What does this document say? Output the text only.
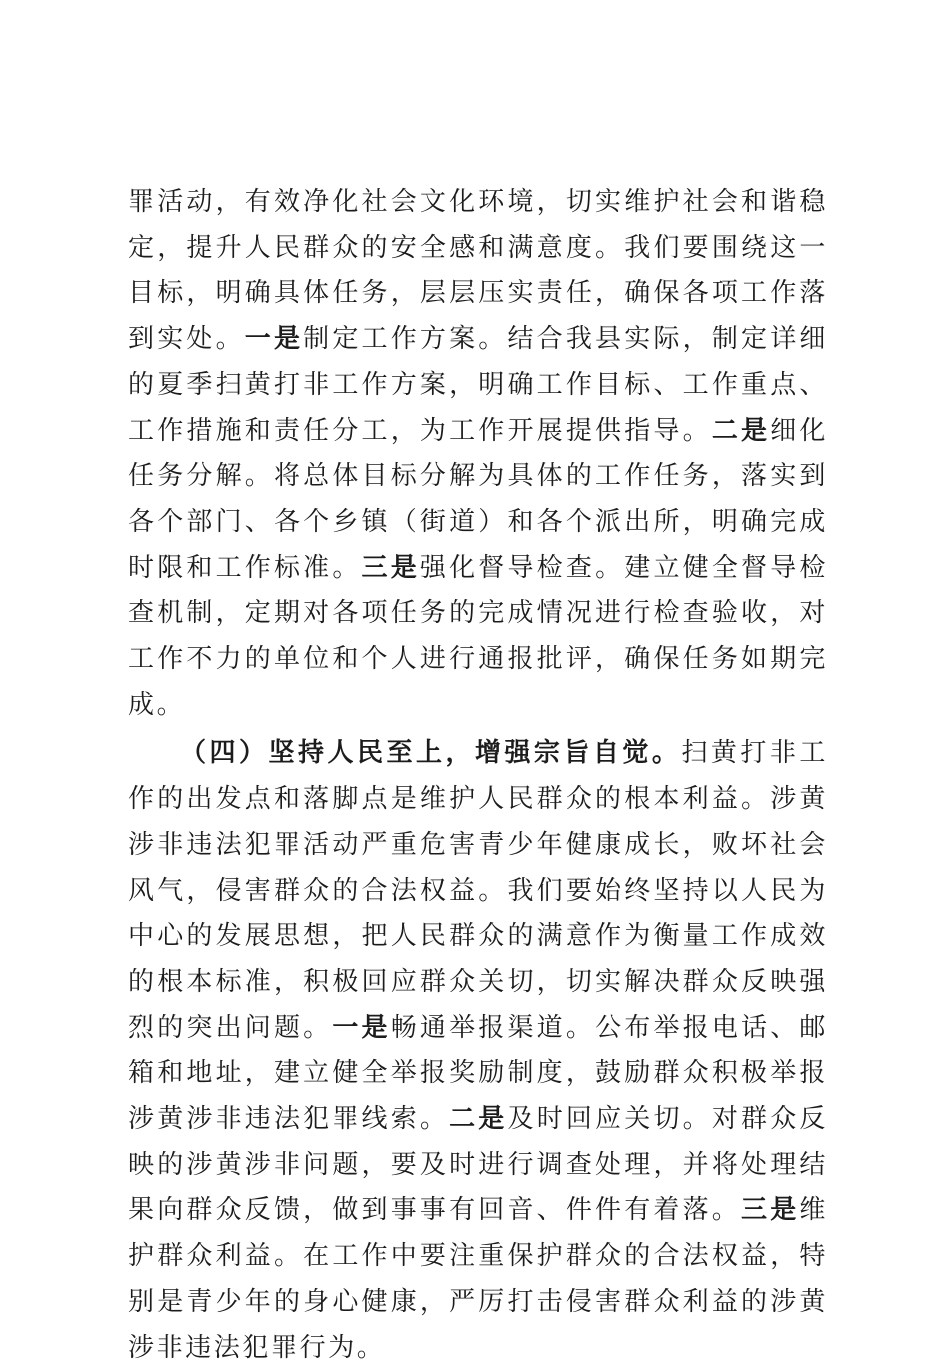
罪活动，有效净化社会文化环境，切实维护社会和谐稳定，提升人民群众的安全感和满意度。我们要围绕这一目标，明确具体任务，层层压实责任，确保各项工作落到实处。一是制定工作方案。结合我县实际，制定详细的夏季扫黄打非工作方案，明确工作目标、工作重点、工作措施和责任分工，为工作开展提供指导。二是细化任务分解。将总体目标分解为具体的工作任务，落实到各个部门、各个乡镇（街道）和各个派出所，明确完成时限和工作标准。三是强化督导检查。建立健全督导检查机制，定期对各项任务的完成情况进行检查验收，对工作不力的单位和个人进行通报批评，确保任务如期完成。

（四）坚持人民至上，增强宗旨自觉。扫黄打非工作的出发点和落脚点是维护人民群众的根本利益。涉黄涉非违法犯罪活动严重危害青少年健康成长，败坏社会风气，侵害群众的合法权益。我们要始终坚持以人民为中心的发展思想，把人民群众的满意作为衡量工作成效的根本标准，积极回应群众关切，切实解决群众反映强烈的突出问题。一是畅通举报渠道。公布举报电话、邮箱和地址，建立健全举报奖励制度，鼓励群众积极举报涉黄涉非违法犯罪线索。二是及时回应关切。对群众反映的涉黄涉非问题，要及时进行调查处理，并将处理结果向群众反馈，做到事事有回音、件件有着落。三是维护群众利益。在工作中要注重保护群众的合法权益，特别是青少年的身心健康，严厉打击侵害群众利益的涉黄涉非违法犯罪行为。
